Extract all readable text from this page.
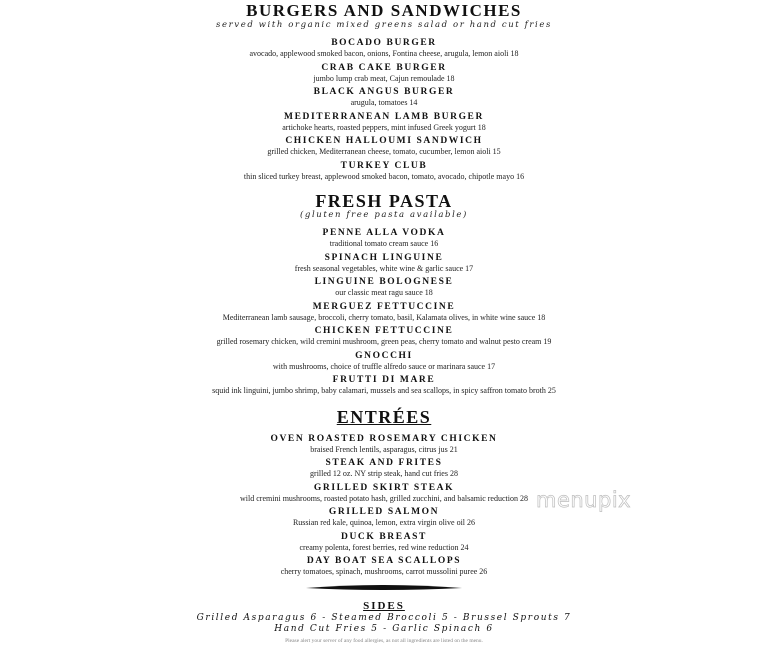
BURGERS AND SANDWICHES
served with organic mixed greens salad or hand cut fries
BOCADO BURGER
avocado, applewood smoked bacon, onions, Fontina cheese, arugula, lemon aioli 18
CRAB CAKE BURGER
jumbo lump crab meat, Cajun remoulade 18
BLACK ANGUS BURGER
arugula, tomatoes 14
MEDITERRANEAN LAMB BURGER
artichoke hearts, roasted peppers, mint infused Greek yogurt 18
CHICKEN HALLOUMI SANDWICH
grilled chicken, Mediterranean cheese, tomato, cucumber, lemon aioli 15
TURKEY CLUB
thin sliced turkey breast, applewood smoked bacon, tomato, avocado, chipotle mayo 16
FRESH PASTA
(gluten free pasta available)
PENNE ALLA VODKA
traditional tomato cream sauce 16
SPINACH LINGUINE
fresh seasonal vegetables, white wine & garlic sauce 17
LINGUINE BOLOGNESE
our classic meat ragu sauce 18
MERGUEZ FETTUCCINE
Mediterranean lamb sausage, broccoli, cherry tomato, basil, Kalamata olives, in white wine sauce 18
CHICKEN FETTUCCINE
grilled rosemary chicken, wild cremini mushroom, green peas, cherry tomato and walnut pesto cream 19
GNOCCHI
with mushrooms, choice of truffle alfredo sauce or marinara sauce 17
FRUTTI DI MARE
squid ink linguini, jumbo shrimp, baby calamari, mussels and sea scallops, in spicy saffron tomato broth 25
ENTRÉES
OVEN ROASTED ROSEMARY CHICKEN
braised French lentils, asparagus, citrus jus 21
STEAK AND FRITES
grilled 12 oz. NY strip steak, hand cut fries 28
GRILLED SKIRT STEAK
wild cremini mushrooms, roasted potato hash, grilled zucchini, and balsamic reduction 28
GRILLED SALMON
Russian red kale, quinoa, lemon, extra virgin olive oil 26
DUCK BREAST
creamy polenta, forest berries, red wine reduction 24
DAY BOAT SEA SCALLOPS
cherry tomatoes, spinach, mushrooms, carrot mussolini puree 26
SIDES
Grilled Asparagus 6 - Steamed Broccoli 5 - Brussel Sprouts 7
Hand Cut Fries 5 - Garlic Spinach 6
Please alert your server of any food allergies, as not all ingredients are listed on the menu.
menupix
